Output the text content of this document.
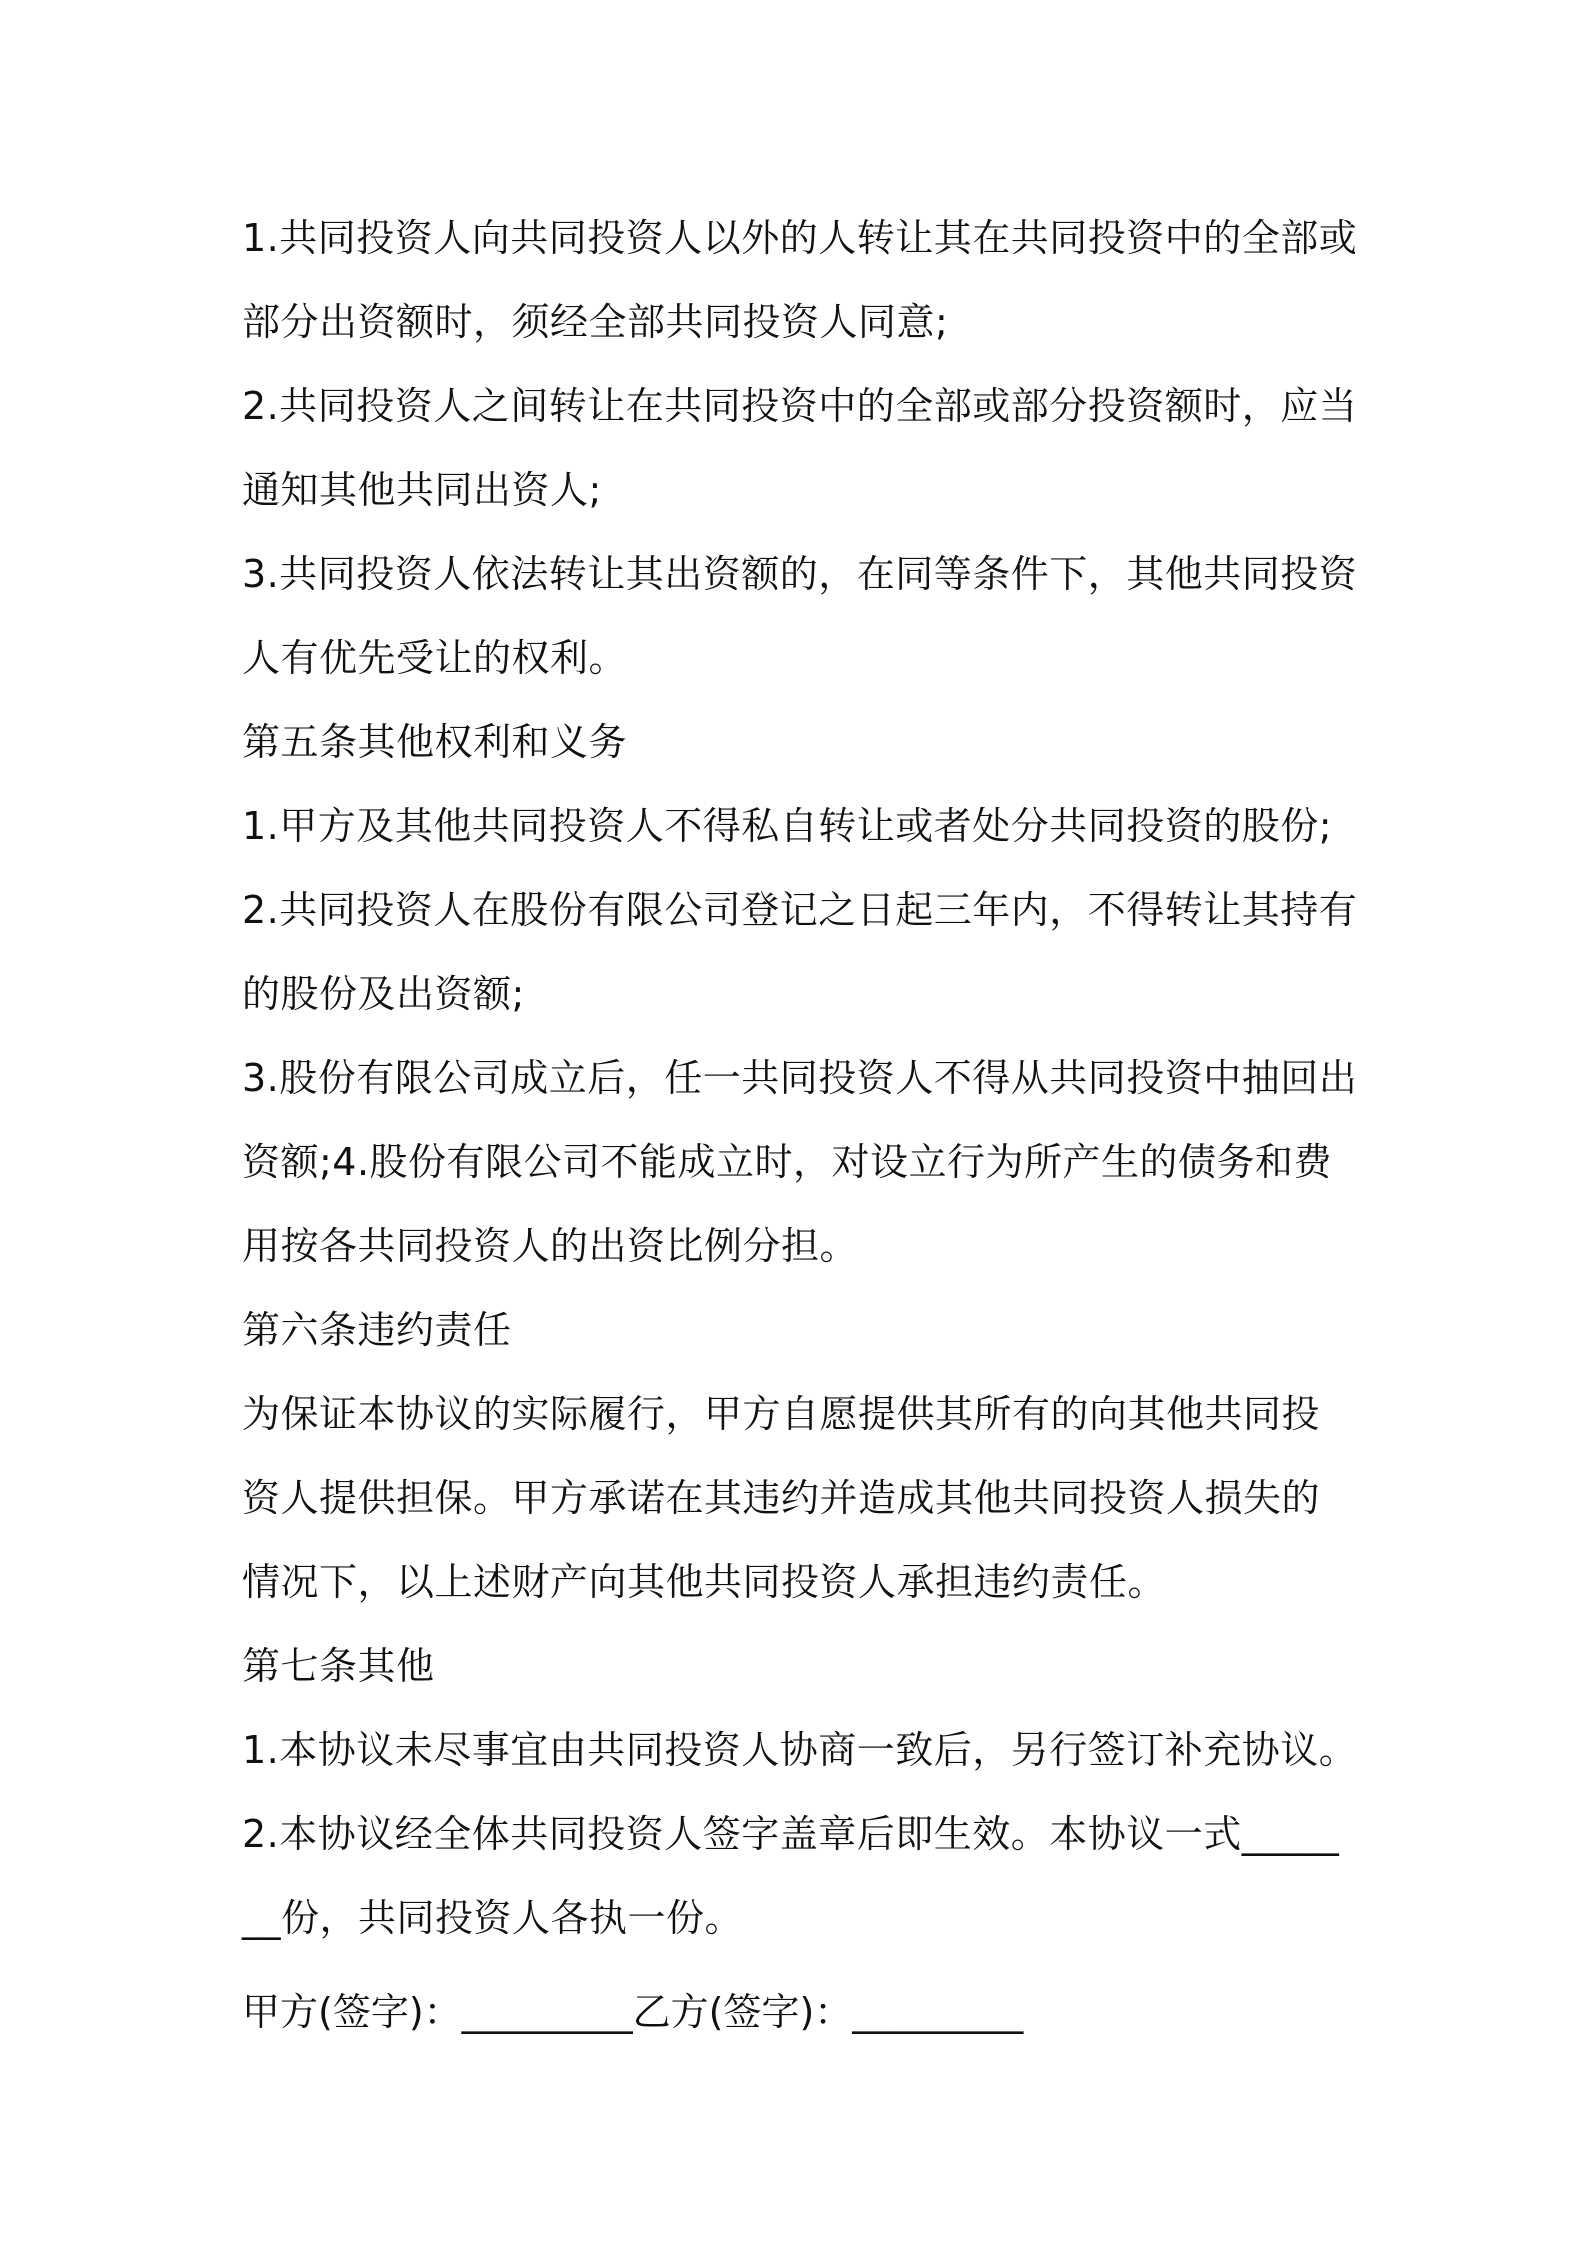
1.共同投资人向共同投资人以外的人转让其在共同投资中的全部或部分出资额时，须经全部共同投资人同意;

2.共同投资人之间转让在共同投资中的全部或部分投资额时，应当通知其他共同出资人;

3.共同投资人依法转让其出资额的，在同等条件下，其他共同投资人有优先受让的权利。

第五条其他权利和义务

1.甲方及其他共同投资人不得私自转让或者处分共同投资的股份;2.共同投资人在股份有限公司登记之日起三年内，不得转让其持有的股份及出资额;

3.股份有限公司成立后，任一共同投资人不得从共同投资中抽回出资额;4.股份有限公司不能成立时，对设立行为所产生的债务和费用按各共同投资人的出资比例分担。

第六条违约责任

为保证本协议的实际履行，甲方自愿提供其所有的向其他共同投资人提供担保。甲方承诺在其违约并造成其他共同投资人损失的情况下，以上述财产向其他共同投资人承担违约责任。

第七条其他

1.本协议未尽事宜由共同投资人协商一致后，另行签订补充协议。

2.本协议经全体共同投资人签字盖章后即生效。本协议一式_______份，共同投资人各执一份。

甲方(签字)：_________乙方(签字)：_________
